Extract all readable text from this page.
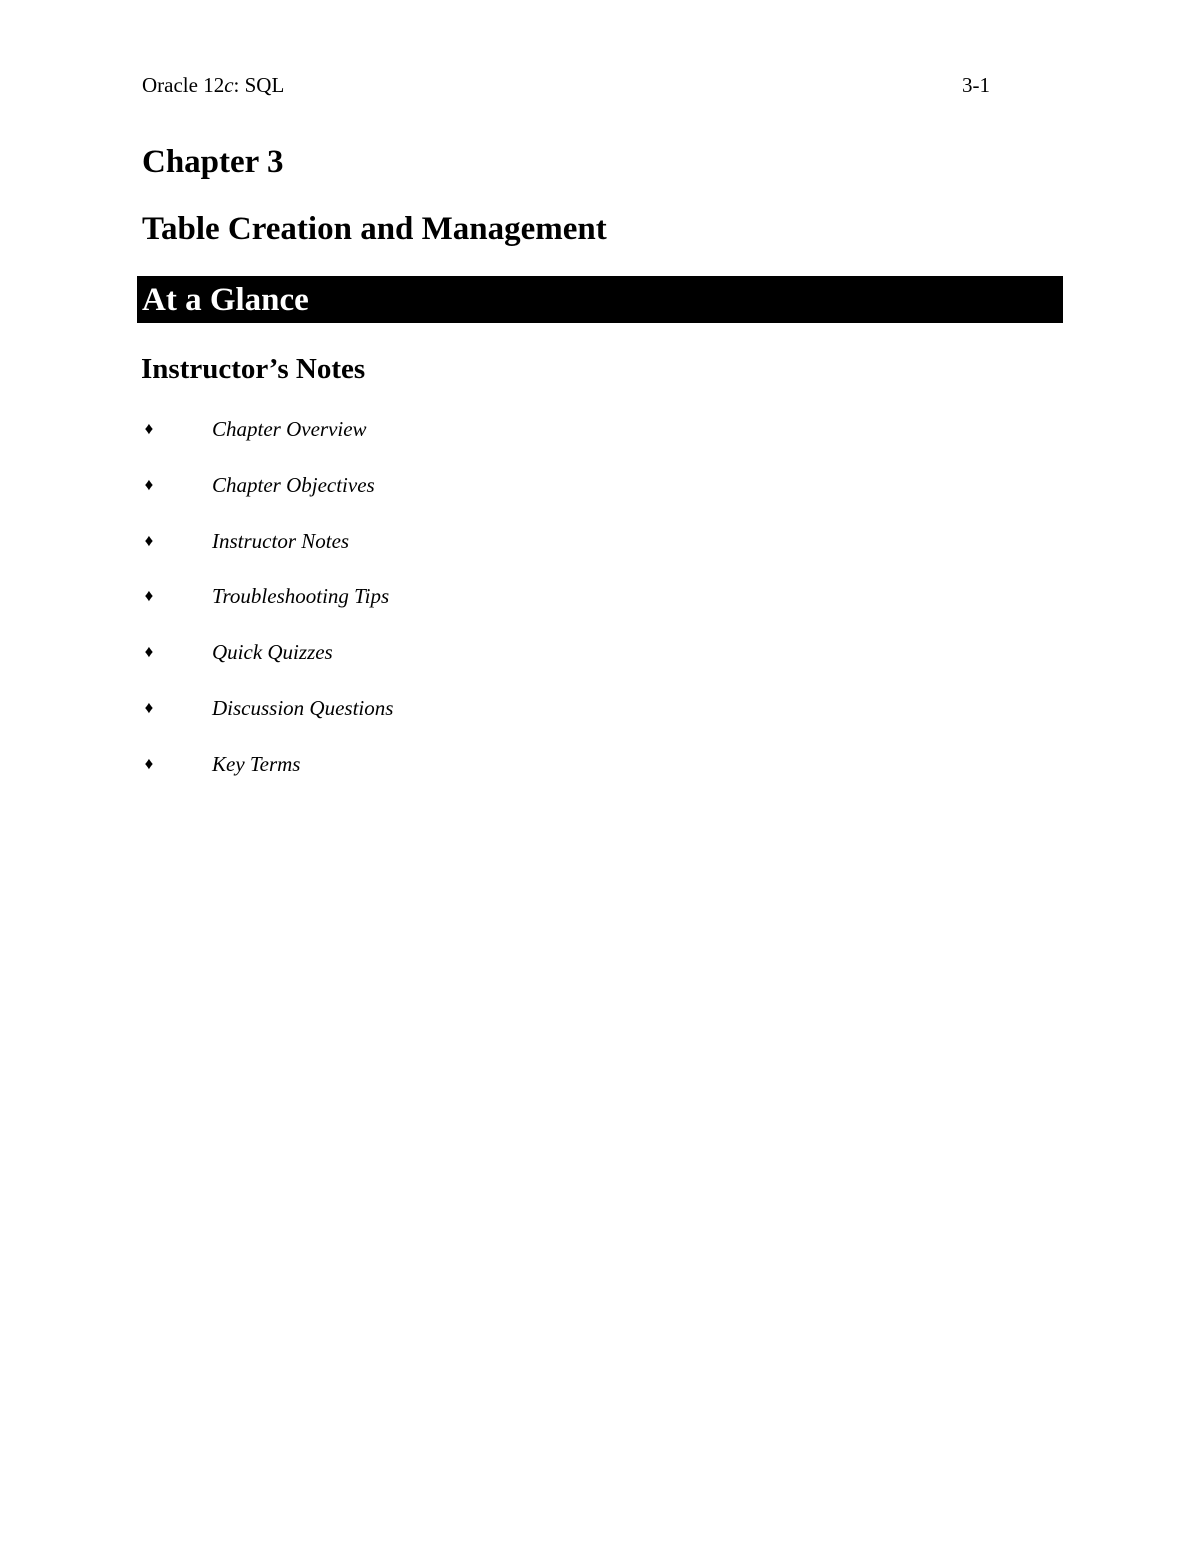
Oracle 12c: SQL	3-1
Chapter 3
Table Creation and Management
At a Glance
Instructor’s Notes
♦	Chapter Overview
♦	Chapter Objectives
♦	Instructor Notes
♦	Troubleshooting Tips
♦	Quick Quizzes
♦	Discussion Questions
♦	Key Terms
